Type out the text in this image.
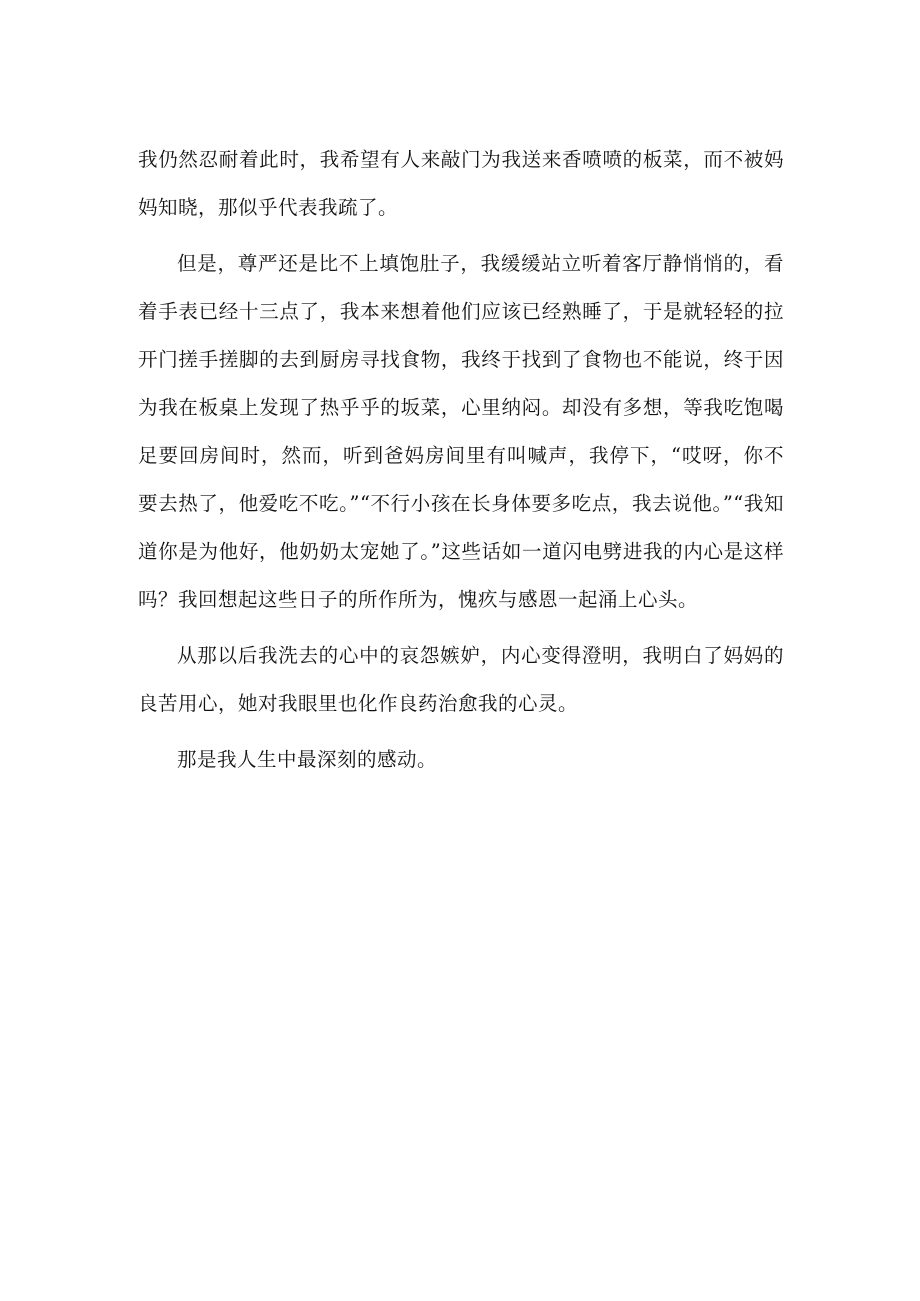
我仍然忍耐着此时，我希望有人来敲门为我送来香喷喷的板菜，而不被妈妈知晓，那似乎代表我疏了。

但是，尊严还是比不上填饱肚子，我缓缓站立听着客厅静悄悄的，看着手表已经十三点了，我本来想着他们应该已经熟睡了，于是就轻轻的拉开门搓手搓脚的去到厨房寻找食物，我终于找到了食物也不能说，终于因为我在板桌上发现了热乎乎的坂菜，心里纳闷。却没有多想，等我吃饱喝足要回房间时，然而，听到爸妈房间里有叫喊声，我停下，“哎呀，你不要去热了，他爱吃不吃。”“不行小孩在长身体要多吃点，我去说他。”“我知道你是为他好，他奶奶太宠她了。”这些话如一道闪电劈进我的内心是这样吗？我回想起这些日子的所作所为，愧疚与感恩一起涌上心头。

从那以后我洗去的心中的哀怨嫉妒，内心变得澄明，我明白了妈妈的良苦用心，她对我眼里也化作良药治愈我的心灵。

那是我人生中最深刻的感动。
